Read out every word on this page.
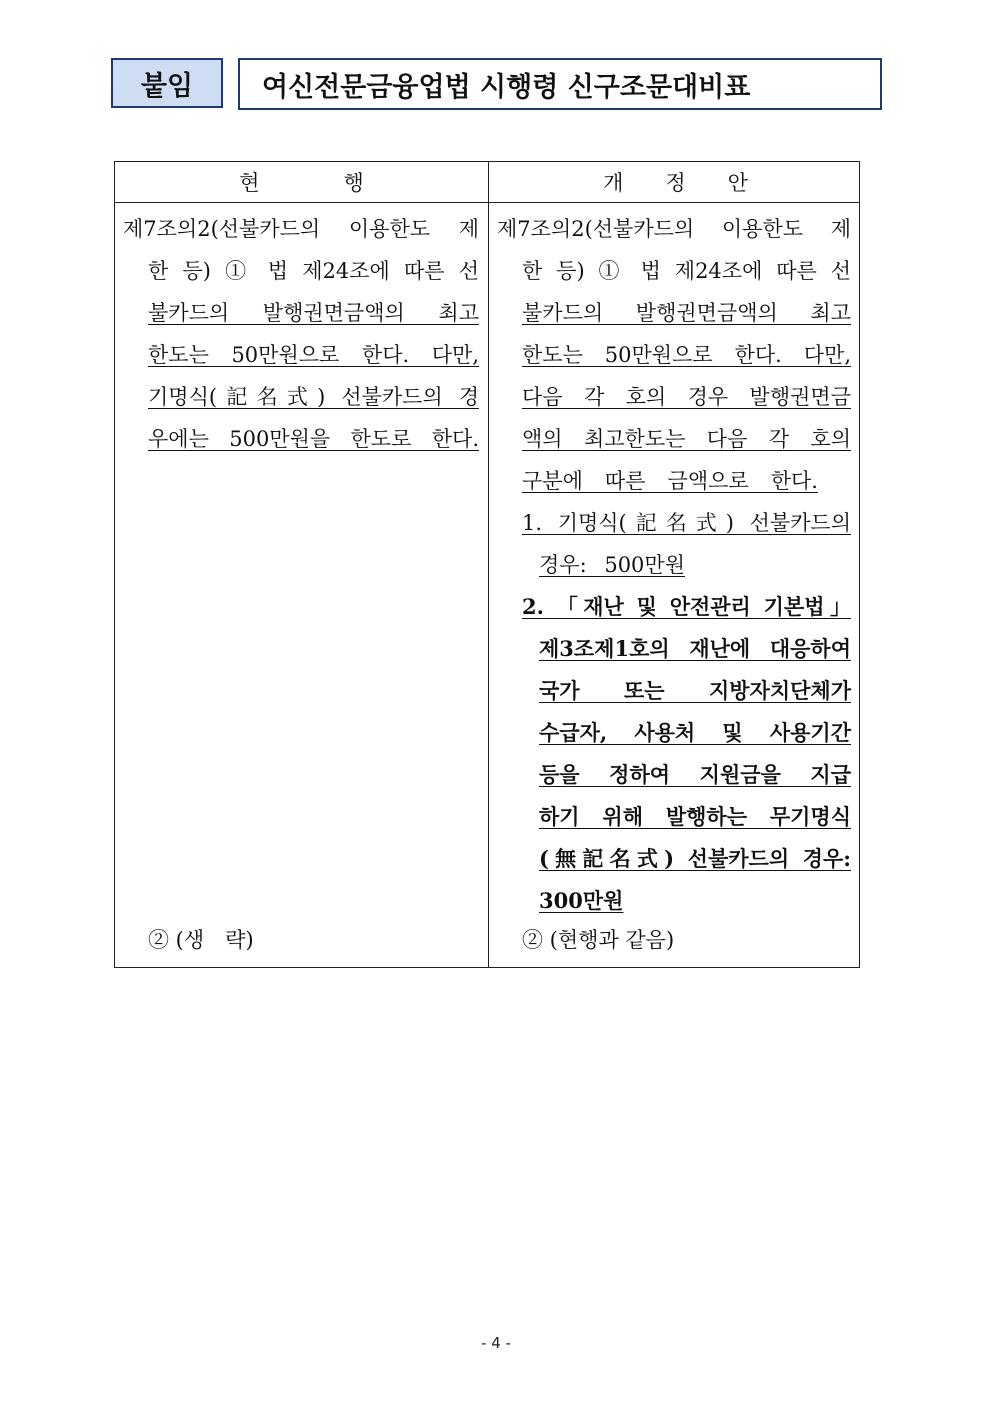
붙임	여신전문금융업법 시행령 신구조문대비표
현　　　　행	개　　정　　안
제7조의2(선불카드의 이용한도 제
한 등) ① 법 제24조에 따른 선
불카드의 발행권면금액의 최고
한도는 50만원으로 한다. 다만,
기명식(記名式) 선불카드의 경
우에는 500만원을 한도로 한다.
② (생　략)
제7조의2(선불카드의 이용한도 제
한 등) ① 법 제24조에 따른 선
불카드의 발행권면금액의 최고
한도는 50만원으로 한다. 다만,
다음 각 호의 경우 발행권면금
액의 최고한도는 다음 각 호의
구분에 따른 금액으로 한다.
1. 기명식(記名式) 선불카드의
경우: 500만원
2. 「재난 및 안전관리 기본법」
제3조제1호의 재난에 대응하여
국가 또는 지방자치단체가
수급자, 사용처 및 사용기간
등을 정하여 지원금을 지급
하기 위해 발행하는 무기명식
(無記名式) 선불카드의 경우:
300만원
② (현행과 같음)
- 4 -
